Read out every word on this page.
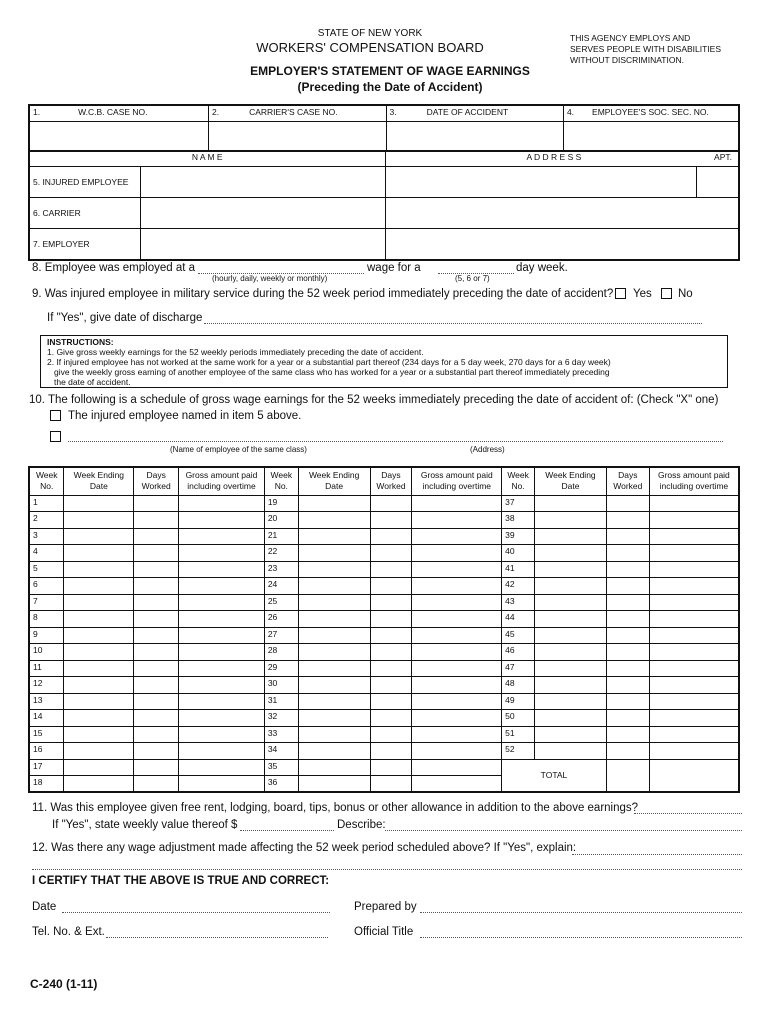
STATE OF NEW YORK
WORKERS' COMPENSATION BOARD
EMPLOYER'S STATEMENT OF WAGE EARNINGS
(Preceding the Date of Accident)
THIS AGENCY EMPLOYS AND
SERVES PEOPLE WITH DISABILITIES
WITHOUT DISCRIMINATION.
1. W.C.B. CASE NO.	2. CARRIER'S CASE NO.	3. DATE OF ACCIDENT	4. EMPLOYEE'S SOC. SEC. NO.

N A M E		A D D R E S S APT.	

5. INJURED EMPLOYEE			
6. CARRIER			
7. EMPLOYER			
8. Employee was employed at a	wage for a	day week.
(hourly, daily, weekly or monthly)	(5, 6 or 7)
9. Was injured employee in military service during the 52 week period immediately preceding the date of accident? Yes No
If "Yes", give date of discharge
INSTRUCTIONS:
1. Give gross weekly earnings for the 52 weekly periods immediately preceding the date of accident.
2. If injured employee has not worked at the same work for a year or a substantial part thereof (234 days for a 5 day week, 270 days for a 6 day week)
give the weekly gross earning of another employee of the same class who has worked for a year or a substantial part thereof immediately preceding
the date of accident.
10. The following is a schedule of gross wage earnings for the 52 weeks immediately preceding the date of accident of: (Check "X" one)
The injured employee named in item 5 above.
(Name of employee of the same class)	(Address)
Week No.	Week Ending Date	Days Worked	Gross amount paid including overtime	Week No.	Week Ending Date	Days Worked	Gross amount paid including overtime	Week No.	Week Ending Date	Days Worked	Gross amount paid including overtime
1				19				37			
2				20				38			
3				21				39			
4				22				40			
5				23				41			
6				24				42			
7				25				43			
8				26				44			
9				27				45			
10				28				46			
11				29				47			
12				30				48			
13				31				49			
14				32				50			
15				33				51			
16				34				52			
17				35				TOTAL			
18				36							
11. Was this employee given free rent, lodging, board, tips, bonus or other allowance in addition to the above earnings?
If "Yes", state weekly value thereof $	Describe:
12. Was there any wage adjustment made affecting the 52 week period scheduled above? If "Yes", explain:
I CERTIFY THAT THE ABOVE IS TRUE AND CORRECT:
Date	Prepared by
Tel. No. & Ext.	Official Title
C-240 (1-11)
